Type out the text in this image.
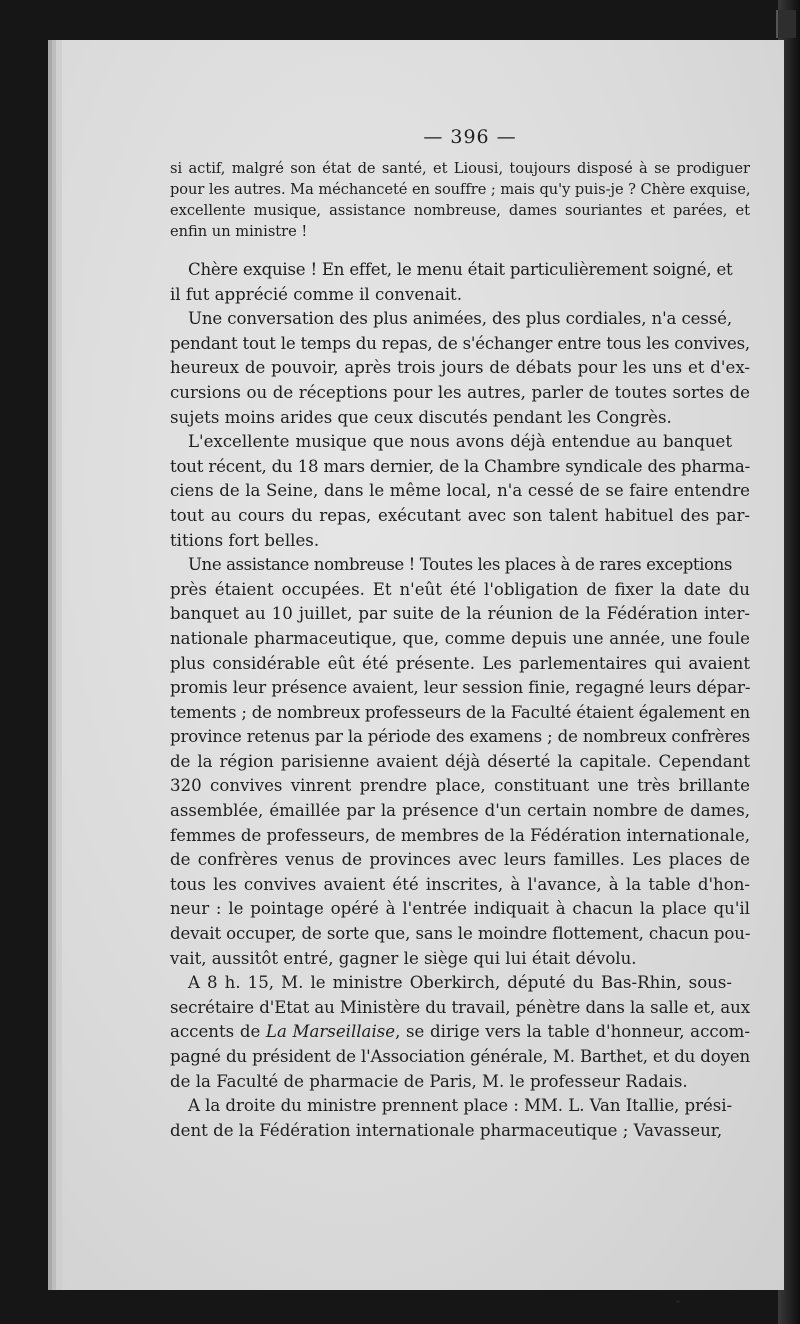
— 396 —
si actif, malgré son état de santé, et Liousi, toujours disposé à se prodiguer
pour les autres. Ma méchanceté en souffre ; mais qu'y puis-je ? Chère exquise,
excellente musique, assistance nombreuse, dames souriantes et parées, et
enfin un ministre !
Chère exquise ! En effet, le menu était particulièrement soigné, et
il fut apprécié comme il convenait.
Une conversation des plus animées, des plus cordiales, n'a cessé,
pendant tout le temps du repas, de s'échanger entre tous les convives,
heureux de pouvoir, après trois jours de débats pour les uns et d'ex-
cursions ou de réceptions pour les autres, parler de toutes sortes de
sujets moins arides que ceux discutés pendant les Congrès.
L'excellente musique que nous avons déjà entendue au banquet
tout récent, du 18 mars dernier, de la Chambre syndicale des pharma-
ciens de la Seine, dans le même local, n'a cessé de se faire entendre
tout au cours du repas, exécutant avec son talent habituel des par-
titions fort belles.
Une assistance nombreuse ! Toutes les places à de rares exceptions
près étaient occupées. Et n'eût été l'obligation de fixer la date du
banquet au 10 juillet, par suite de la réunion de la Fédération inter-
nationale pharmaceutique, que, comme depuis une année, une foule
plus considérable eût été présente. Les parlementaires qui avaient
promis leur présence avaient, leur session finie, regagné leurs dépar-
tements ; de nombreux professeurs de la Faculté étaient également en
province retenus par la période des examens ; de nombreux confrères
de la région parisienne avaient déjà déserté la capitale. Cependant
320 convives vinrent prendre place, constituant une très brillante
assemblée, émaillée par la présence d'un certain nombre de dames,
femmes de professeurs, de membres de la Fédération internationale,
de confrères venus de provinces avec leurs familles. Les places de
tous les convives avaient été inscrites, à l'avance, à la table d'hon-
neur : le pointage opéré à l'entrée indiquait à chacun la place qu'il
devait occuper, de sorte que, sans le moindre flottement, chacun pou-
vait, aussitôt entré, gagner le siège qui lui était dévolu.
A 8 h. 15, M. le ministre Oberkirch, député du Bas-Rhin, sous-
secrétaire d'Etat au Ministère du travail, pénètre dans la salle et, aux
accents de La Marseillaise, se dirige vers la table d'honneur, accom-
pagné du président de l'Association générale, M. Barthet, et du doyen
de la Faculté de pharmacie de Paris, M. le professeur Radais.
A la droite du ministre prennent place : MM. L. Van Itallie, prési-
dent de la Fédération internationale pharmaceutique ; Vavasseur,
